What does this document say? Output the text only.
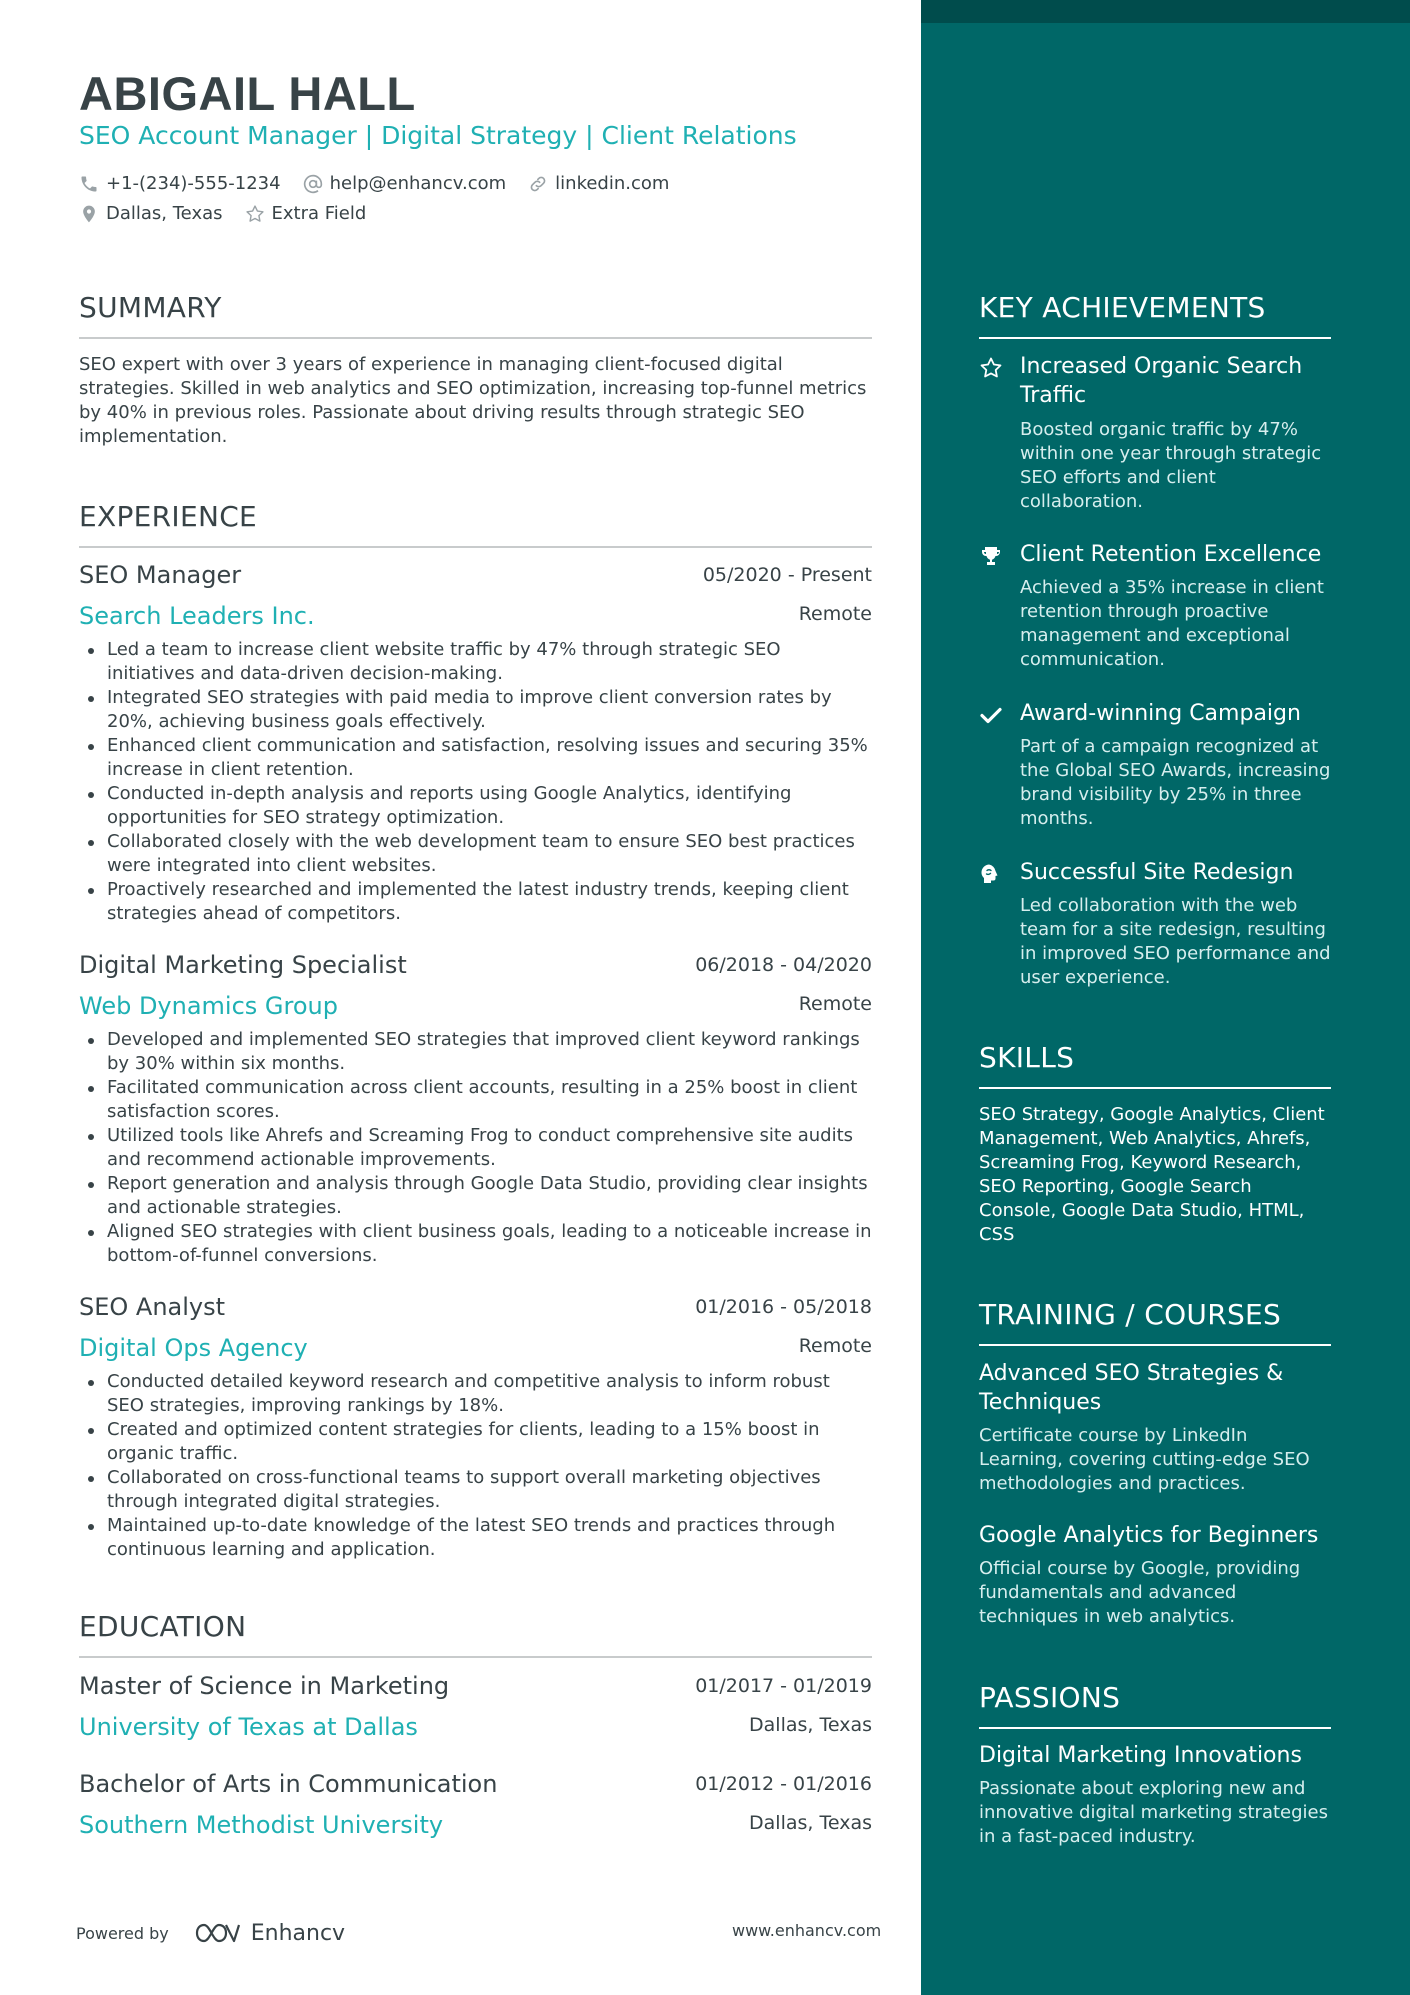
ABIGAIL HALL
SEO Account Manager | Digital Strategy | Client Relations
+1-(234)-555-1234	help@enhancv.com	linkedin.com
Dallas, Texas	Extra Field
SUMMARY
SEO expert with over 3 years of experience in managing client-focused digital strategies. Skilled in web analytics and SEO optimization, increasing top-funnel metrics by 40% in previous roles. Passionate about driving results through strategic SEO implementation.
EXPERIENCE
SEO Manager	05/2020 - Present
Search Leaders Inc.	Remote
Led a team to increase client website traffic by 47% through strategic SEO initiatives and data-driven decision-making.
Integrated SEO strategies with paid media to improve client conversion rates by 20%, achieving business goals effectively.
Enhanced client communication and satisfaction, resolving issues and securing 35% increase in client retention.
Conducted in-depth analysis and reports using Google Analytics, identifying opportunities for SEO strategy optimization.
Collaborated closely with the web development team to ensure SEO best practices were integrated into client websites.
Proactively researched and implemented the latest industry trends, keeping client strategies ahead of competitors.
Digital Marketing Specialist	06/2018 - 04/2020
Web Dynamics Group	Remote
Developed and implemented SEO strategies that improved client keyword rankings by 30% within six months.
Facilitated communication across client accounts, resulting in a 25% boost in client satisfaction scores.
Utilized tools like Ahrefs and Screaming Frog to conduct comprehensive site audits and recommend actionable improvements.
Report generation and analysis through Google Data Studio, providing clear insights and actionable strategies.
Aligned SEO strategies with client business goals, leading to a noticeable increase in bottom-of-funnel conversions.
SEO Analyst	01/2016 - 05/2018
Digital Ops Agency	Remote
Conducted detailed keyword research and competitive analysis to inform robust SEO strategies, improving rankings by 18%.
Created and optimized content strategies for clients, leading to a 15% boost in organic traffic.
Collaborated on cross-functional teams to support overall marketing objectives through integrated digital strategies.
Maintained up-to-date knowledge of the latest SEO trends and practices through continuous learning and application.
EDUCATION
Master of Science in Marketing	01/2017 - 01/2019
University of Texas at Dallas	Dallas, Texas
Bachelor of Arts in Communication	01/2012 - 01/2016
Southern Methodist University	Dallas, Texas
Powered by	Enhancv	www.enhancv.com
KEY ACHIEVEMENTS
Increased Organic Search Traffic
Boosted organic traffic by 47% within one year through strategic SEO efforts and client collaboration.
Client Retention Excellence
Achieved a 35% increase in client retention through proactive management and exceptional communication.
Award-winning Campaign
Part of a campaign recognized at the Global SEO Awards, increasing brand visibility by 25% in three months.
Successful Site Redesign
Led collaboration with the web team for a site redesign, resulting in improved SEO performance and user experience.
SKILLS
SEO Strategy, Google Analytics, Client Management, Web Analytics, Ahrefs, Screaming Frog, Keyword Research, SEO Reporting, Google Search Console, Google Data Studio, HTML, CSS
TRAINING / COURSES
Advanced SEO Strategies & Techniques
Certificate course by LinkedIn Learning, covering cutting-edge SEO methodologies and practices.
Google Analytics for Beginners
Official course by Google, providing fundamentals and advanced techniques in web analytics.
PASSIONS
Digital Marketing Innovations
Passionate about exploring new and innovative digital marketing strategies in a fast-paced industry.
